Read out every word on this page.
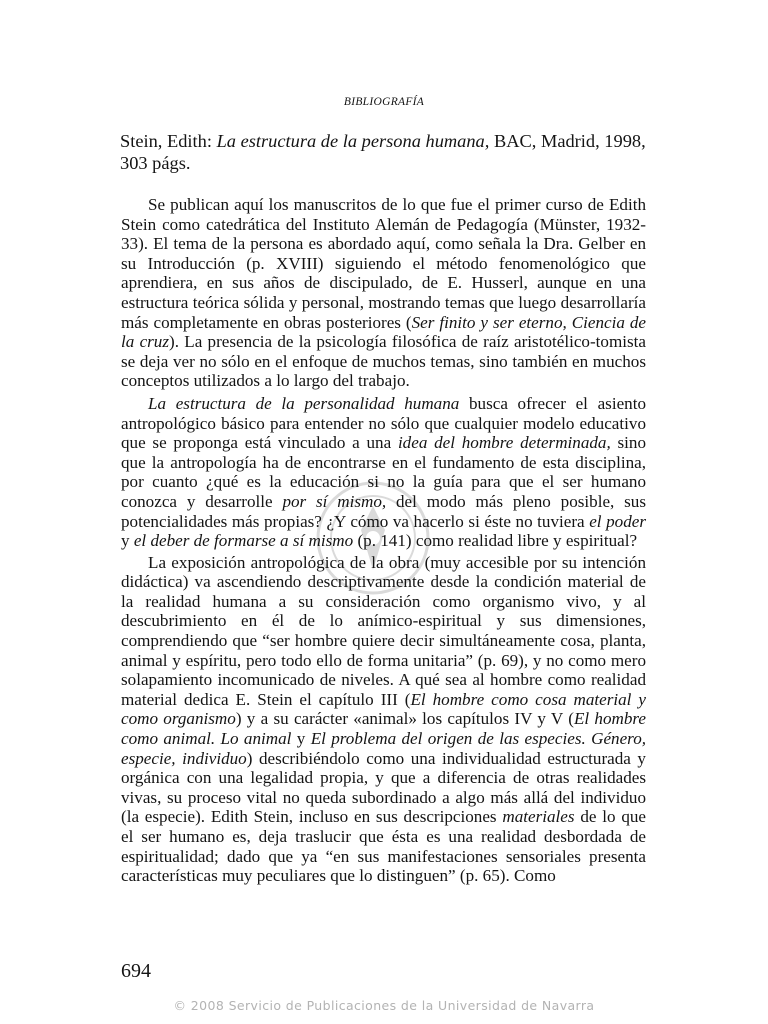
BIBLIOGRAFÍA
Stein, Edith: La estructura de la persona humana, BAC, Madrid, 1998, 303 págs.

Se publican aquí los manuscritos de lo que fue el primer curso de Edith Stein como catedrática del Instituto Alemán de Pedagogía (Münster, 1932-33). El tema de la persona es abordado aquí, como señala la Dra. Gelber en su Introducción (p. XVIII) siguiendo el método fenomenológico que aprendiera, en sus años de discipulado, de E. Husserl, aunque en una estructura teórica sólida y personal, mostrando temas que luego desarrollaría más completamente en obras posteriores (Ser finito y ser eterno, Ciencia de la cruz). La presencia de la psicología filosófica de raíz aristotélico-tomista se deja ver no sólo en el enfoque de muchos temas, sino también en muchos conceptos utilizados a lo largo del trabajo.

La estructura de la personalidad humana busca ofrecer el asiento antropológico básico para entender no sólo que cualquier modelo educativo que se proponga está vinculado a una idea del hombre determinada, sino que la antropología ha de encontrarse en el fundamento de esta disciplina, por cuanto ¿qué es la educación si no la guía para que el ser humano conozca y desarrolle por sí mismo, del modo más pleno posible, sus potencialidades más propias? ¿Y cómo va hacerlo si éste no tuviera el poder y el deber de formarse a sí mismo (p. 141) como realidad libre y espiritual?

La exposición antropológica de la obra (muy accesible por su intención didáctica) va ascendiendo descriptivamente desde la condición material de la realidad humana a su consideración como organismo vivo, y al descubrimiento en él de lo anímico-espiritual y sus dimensiones, comprendiendo que “ser hombre quiere decir simultáneamente cosa, planta, animal y espíritu, pero todo ello de forma unitaria” (p. 69), y no como mero solapamiento incomunicado de niveles. A qué sea al hombre como realidad material dedica E. Stein el capítulo III (El hombre como cosa material y como organismo) y a su carácter «animal» los capítulos IV y V (El hombre como animal. Lo animal y El problema del origen de las especies. Género, especie, individuo) describiéndolo como una individualidad estructurada y orgánica con una legalidad propia, y que a diferencia de otras realidades vivas, su proceso vital no queda subordinado a algo más allá del individuo (la especie). Edith Stein, incluso en sus descripciones materiales de lo que el ser humano es, deja traslucir que ésta es una realidad desbordada de espiritualidad; dado que ya “en sus manifestaciones sensoriales presenta características muy peculiares que lo distinguen” (p. 65). Como

694
© 2008 Servicio de Publicaciones de la Universidad de Navarra
